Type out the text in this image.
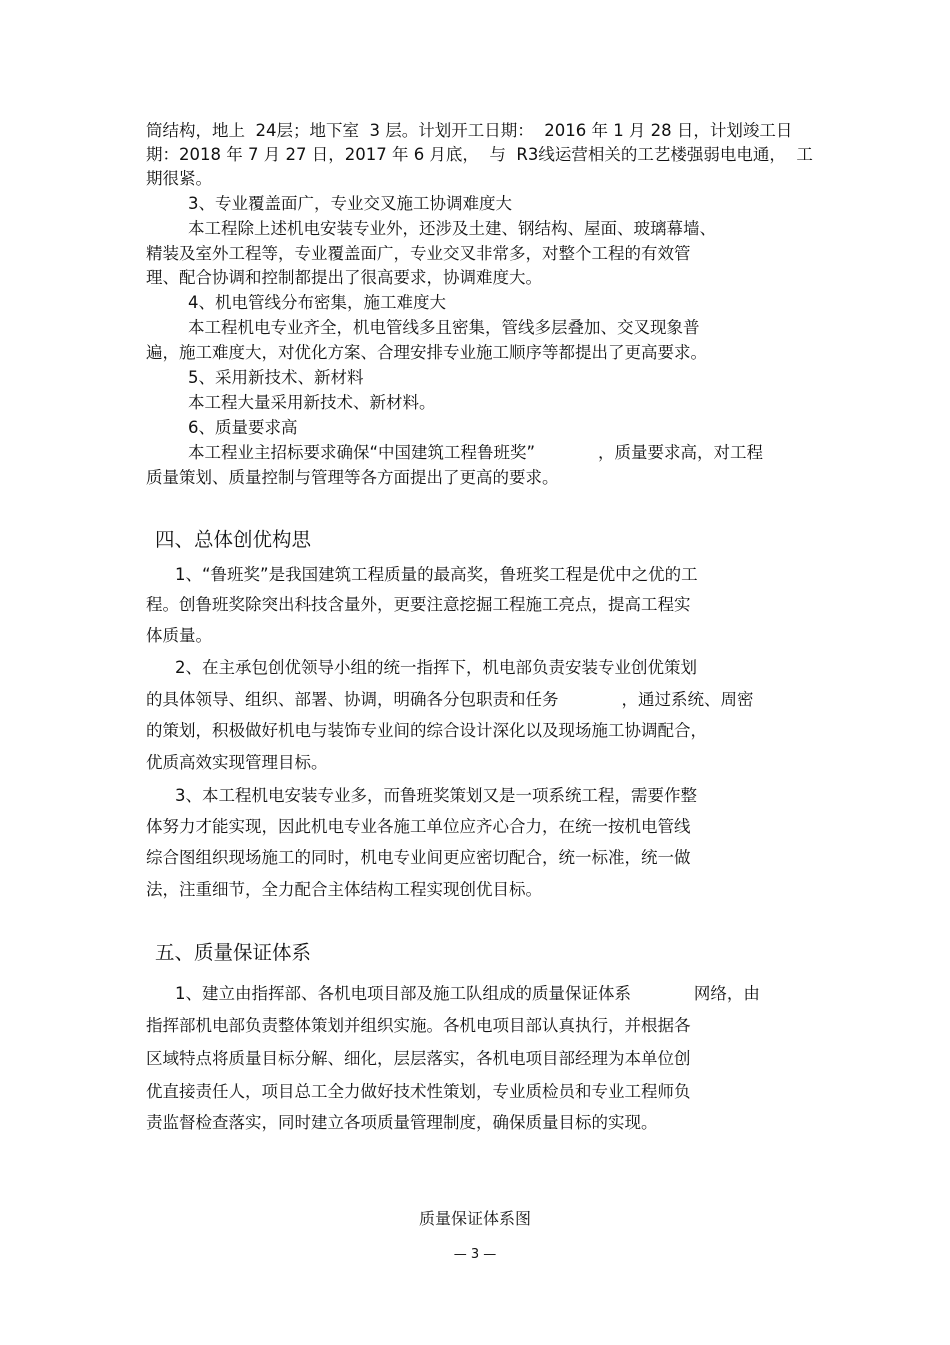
筒结构，地上  24层；地下室  3 层。计划开工日期：  2016 年 1 月 28 日，计划竣工日
期：2018 年 7 月 27 日，2017 年 6 月底，  与  R3线运营相关的工艺楼强弱电电通，  工
期很紧。
3、专业覆盖面广，专业交叉施工协调难度大
本工程除上述机电安装专业外，还涉及土建、钢结构、屋面、玻璃幕墙、
精装及室外工程等，专业覆盖面广，专业交叉非常多，对整个工程的有效管
理、配合协调和控制都提出了很高要求，协调难度大。
4、机电管线分布密集，施工难度大
本工程机电专业齐全，机电管线多且密集，管线多层叠加、交叉现象普
遍，施工难度大，对优化方案、合理安排专业施工顺序等都提出了更高要求。
5、采用新技术、新材料
本工程大量采用新技术、新材料。
6、质量要求高
本工程业主招标要求确保“中国建筑工程鲁班奖”            ，质量要求高，对工程
质量策划、质量控制与管理等各方面提出了更高的要求。
四、总体创优构思
1、“鲁班奖”是我国建筑工程质量的最高奖，鲁班奖工程是优中之优的工
程。创鲁班奖除突出科技含量外，更要注意挖掘工程施工亮点，提高工程实
体质量。
2、在主承包创优领导小组的统一指挥下，机电部负责安装专业创优策划
的具体领导、组织、部署、协调，明确各分包职责和任务            ，通过系统、周密
的策划，积极做好机电与装饰专业间的综合设计深化以及现场施工协调配合，
优质高效实现管理目标。
3、本工程机电安装专业多，而鲁班奖策划又是一项系统工程，需要作整
体努力才能实现，因此机电专业各施工单位应齐心合力，在统一按机电管线
综合图组织现场施工的同时，机电专业间更应密切配合，统一标准，统一做
法，注重细节，全力配合主体结构工程实现创优目标。
五、质量保证体系
1、建立由指挥部、各机电项目部及施工队组成的质量保证体系            网络，由
指挥部机电部负责整体策划并组织实施。各机电项目部认真执行，并根据各
区域特点将质量目标分解、细化，层层落实，各机电项目部经理为本单位创
优直接责任人，项目总工全力做好技术性策划，专业质检员和专业工程师负
责监督检查落实，同时建立各项质量管理制度，确保质量目标的实现。
质量保证体系图
— 3 —
